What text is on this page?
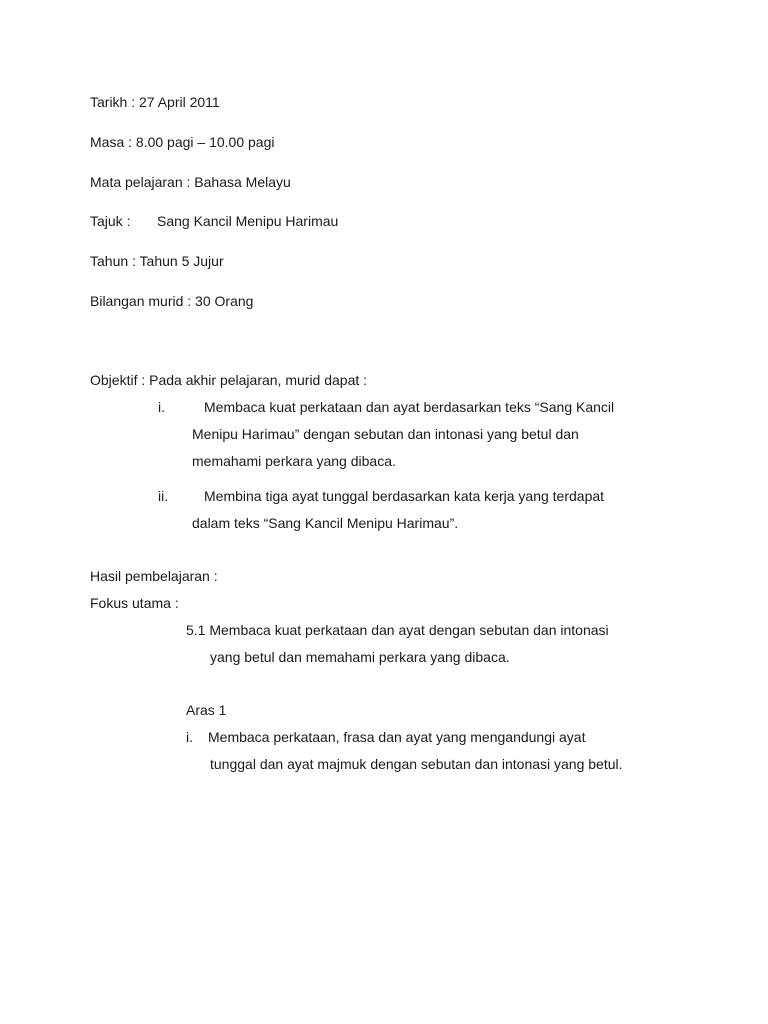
Tarikh : 27 April 2011
Masa : 8.00 pagi – 10.00 pagi
Mata pelajaran : Bahasa Melayu
Tajuk : Sang Kancil Menipu Harimau
Tahun : Tahun 5 Jujur
Bilangan murid : 30 Orang
Objektif : Pada akhir pelajaran, murid dapat :
i.	Membaca kuat perkataan dan ayat berdasarkan teks “Sang Kancil
Menipu Harimau” dengan sebutan dan intonasi yang betul dan
memahami perkara yang dibaca.
ii.	Membina tiga ayat tunggal berdasarkan kata kerja yang terdapat
dalam teks “Sang Kancil Menipu Harimau”.
Hasil pembelajaran :
Fokus utama :
5.1 Membaca kuat perkataan dan ayat dengan sebutan dan intonasi
yang betul dan memahami perkara yang dibaca.
Aras 1
i. Membaca perkataan, frasa dan ayat yang mengandungi ayat
tunggal dan ayat majmuk dengan sebutan dan intonasi yang betul.
